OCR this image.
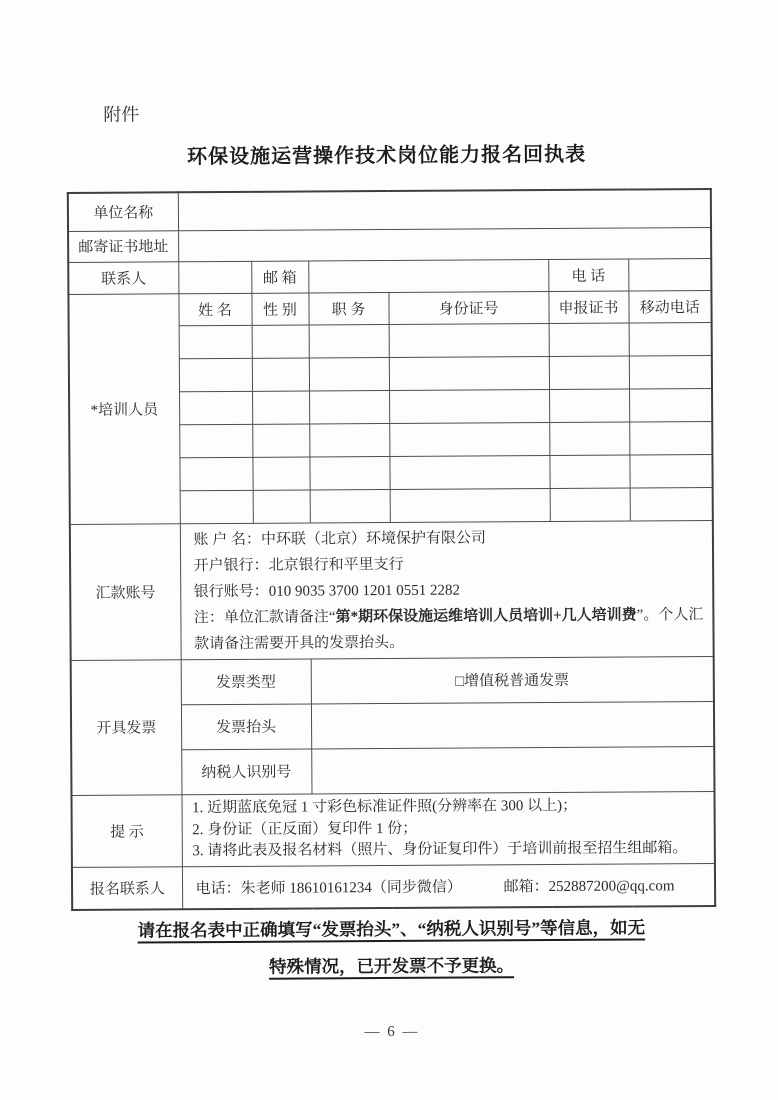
附件
环保设施运营操作技术岗位能力报名回执表
单位名称						
邮寄证书地址						
联系人		邮 箱			电 话	
*培训人员	姓 名	性 别	职 务	身份证号	申报证书	移动电话

汇款账号	账 户 名：中环联（北京）环境保护有限公司
开户银行：北京银行和平里支行
银行账号：010 9035 3700 1201 0551 2282
注：单位汇款请备注“第*期环保设施运维培训人员培训+几人培训费”。个人汇款请备注需要开具的发票抬头。					

开具发票	发票类型		□增值税普通发票			
	发票抬头					
	纳税人识别号					
提 示	1. 近期蓝底免冠 1 寸彩色标准证件照(分辨率在 300 以上)；
2. 身份证（正反面）复印件 1 份；
3. 请将此表及报名材料（照片、身份证复印件）于培训前报至招生组邮箱。					

报名联系人	电话：朱老师 18610161234（同步微信） 邮箱：252887200@qq.com					
请在报名表中正确填写“发票抬头”、“纳税人识别号”等信息，如无
特殊情况，已开发票不予更换。
— 6 —
